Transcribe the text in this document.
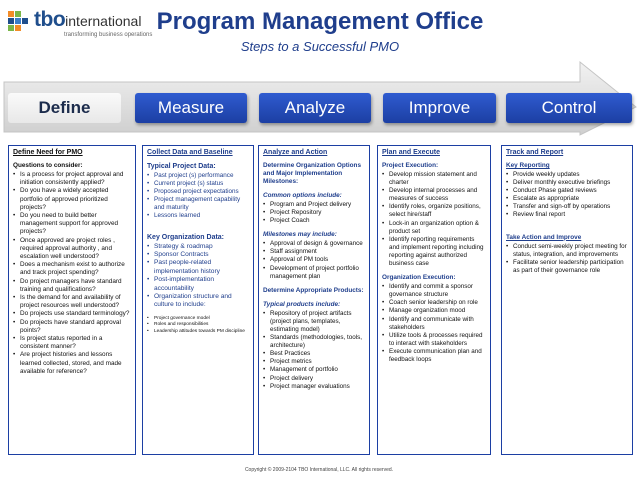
tbointernational
transforming business operations Program Management Office
Steps to a Successful PMO
Define	Measure	Analyze	Improve	Control
Define Need for PMO
Questions to consider:
• Is a process for project approval and initiation consistently applied?
• Do you have a widely accepted portfolio of approved prioritized projects?
• Do you need to build better management support for approved projects?
• Once approved are project roles , required approval authority , and escalation well understood?
• Does a mechanism exist to authorize and track project spending?
• Do project managers have standard training and qualifications?
• Is the demand for and availability of project resources well understood?
• Do projects use standard terminology?
• Do projects have standard approval points?
• Is project status reported in a consistent manner?
• Are project histories and lessons learned collected, stored, and made available for reference?
Collect Data and Baseline
Typical Project Data:
• Past project (s) performance
• Current project (s) status
• Proposed project expectations
• Project management capability and maturity
• Lessons learned
Key Organization Data:
• Strategy & roadmap
• Sponsor Contracts
• Past people-related implementation history
• Post-implementation accountability
• Organization structure and culture to include:
• Project governance model
• Roles and responsibilities
• Leadership attitudes towards PM discipline
Analyze and Action
Determine Organization Options and Major Implementation Milestones:
Common options include:
• Program and Project delivery
• Project Repository
• Project Coach
Milestones may include:
• Approval of design & governance
• Staff assignment
• Approval of PM tools
• Development of project portfolio management plan
Determine Appropriate Products:
Typical products include:
• Repository of project artifacts (project plans, templates, estimating model)
• Standards (methodologies, tools, architecture)
• Best Practices
• Project metrics
• Management of portfolio
• Project delivery
• Project manager evaluations
Plan and Execute
Project Execution:
• Develop mission statement and charter
• Develop internal processes and measures of success
• Identify roles, organize positions, select hire/staff
• Lock-in an organization option & product set
• Identify reporting requirements and implement reporting including reporting against authorized business case
Organization Execution:
• Identify and commit a sponsor governance structure
• Coach senior leadership on role
• Manage organization mood
• Identify and communicate with stakeholders
• Utilize tools & processes required to interact with stakeholders
• Execute communication plan and feedback loops
Track and Report
Key Reporting
• Provide weekly updates
• Deliver monthly executive briefings
• Conduct Phase gated reviews
• Escalate as appropriate
• Transfer and sign-off by operations
• Review final report
Take Action and Improve
• Conduct semi-weekly project meeting for status, integration, and improvements
• Facilitate senior leadership participation as part of their governance role
Copyright © 2009-2104 TBO International, LLC. All rights reserved.
